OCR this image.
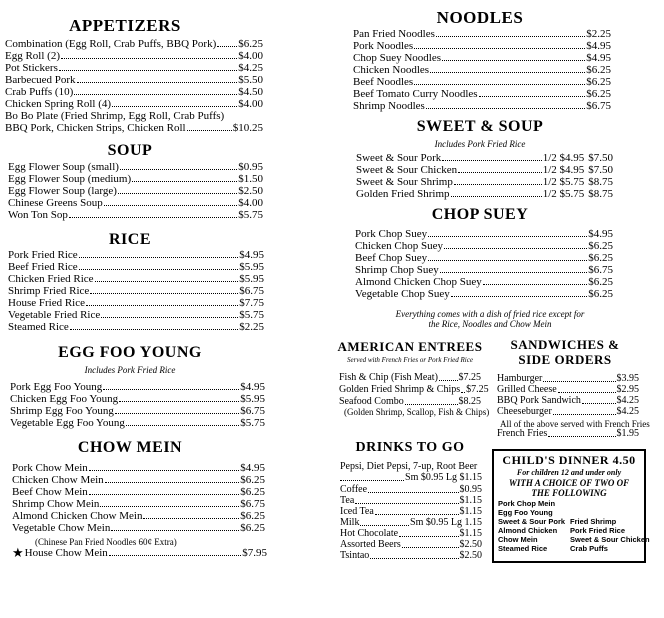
APPETIZERS
Bo Bo Plate (Fried Shrimp, Egg Roll, Crab Puffs)
BBQ Pork, Chicken Strips, Chicken Roll	$10.25
SOUP
RICE
EGG FOO YOUNG
Includes Pork Fried Rice
CHOW MEIN
(Chinese Pan Fried Noodles 60¢ Extra)
★ House Chow Mein	$7.95
NOODLES
SWEET & SOUP
Includes Pork Fried Rice
CHOP SUEY
Everything comes with a dish of fried rice except for
the Rice, Noodles and Chow Mein
AMERICAN ENTREES
Served with French Fries or Pork Fried Rice
(Golden Shrimp, Scallop, Fish & Chips)
SANDWICHES &
SIDE ORDERS
All of the above served with French Fries
French Fries	$1.95
DRINKS TO GO
Pepsi, Diet Pepsi, 7-up, Root Beer
Sm $0.95 Lg $1.15
Milk	Sm $0.95 Lg 1.15
CHILD'S DINNER 4.50
For children 12 and under only
WITH A CHOICE OF TWO OF
THE FOLLOWING
Pork Chop Mein
Egg Foo Young
Sweet & Sour Pork
Almond Chicken
Chow Mein
Steamed Rice
Fried Shrimp
Pork Fried Rice
Sweet & Sour Chicken
Crab Puffs
Combination (Egg Roll, Crab Puffs, BBQ Pork) $6.25
Egg Roll (2)	$4.00
Pot Stickers	$4.25
Barbecued Pork	$5.50
Crab Puffs (10)	$4.50
Chicken Spring Roll (4)	$4.00
Egg Flower Soup (small)	$0.95
Egg Flower Soup (medium)	$1.50
Egg Flower Soup (large)	$2.50
Chinese Greens Soup	$4.00
Won Ton Sop	$5.75
Pork Fried Rice	$4.95
Beef Fried Rice	$5.95
Chicken Fried Rice	$5.95
Shrimp Fried Rice	$6.75
House Fried Rice	$7.75
Vegetable Fried Rice	$5.75
Steamed Rice	$2.25
Pork Egg Foo Young	$4.95
Chicken Egg Foo Young	$5.95
Shrimp Egg Foo Young	$6.75
Vegetable Egg Foo Young	$5.75
Pork Chow Mein	$4.95
Chicken Chow Mein	$6.25
Beef Chow Mein	$6.25
Shrimp Chow Mein	$6.75
Almond Chicken Chow Mein	$6.25
Vegetable Chow Mein	$6.25
Pan Fried Noodles	$2.25
Pork Noodles	$4.95
Chop Suey Noodles	$4.95
Chicken Noodles	$6.25
Beef Noodles	$6.25
Beef Tomato Curry Noodles	$6.25
Shrimp Noodles	$6.75
Pork Chop Suey	$4.95
Chicken Chop Suey	$6.25
Beef Chop Suey	$6.25
Shrimp Chop Suey	$6.75
Almond Chicken Chop Suey	$6.25
Vegetable Chop Suey	$6.25
Fish & Chip (Fish Meat) $7.25
Golden Fried Shrimp & Chips $7.25
Seafood Combo	$8.25
Hamburger	$3.95
Grilled Cheese	$2.95
BBQ Pork Sandwich	$4.25
Cheeseburger	$4.25
Coffee	$0.95
Tea	$1.15
Iced Tea	$1.15
Hot Chocolate	$1.15
Assorted Beers	$2.50
Tsintao	$2.50
Sweet & Sour Pork	1/2 $4.95 $7.50
Sweet & Sour Chicken	1/2 $4.95 $7.50
Sweet & Sour Shrimp	1/2 $5.75 $8.75
Golden Fried Shrimp	1/2 $5.75 $8.75
